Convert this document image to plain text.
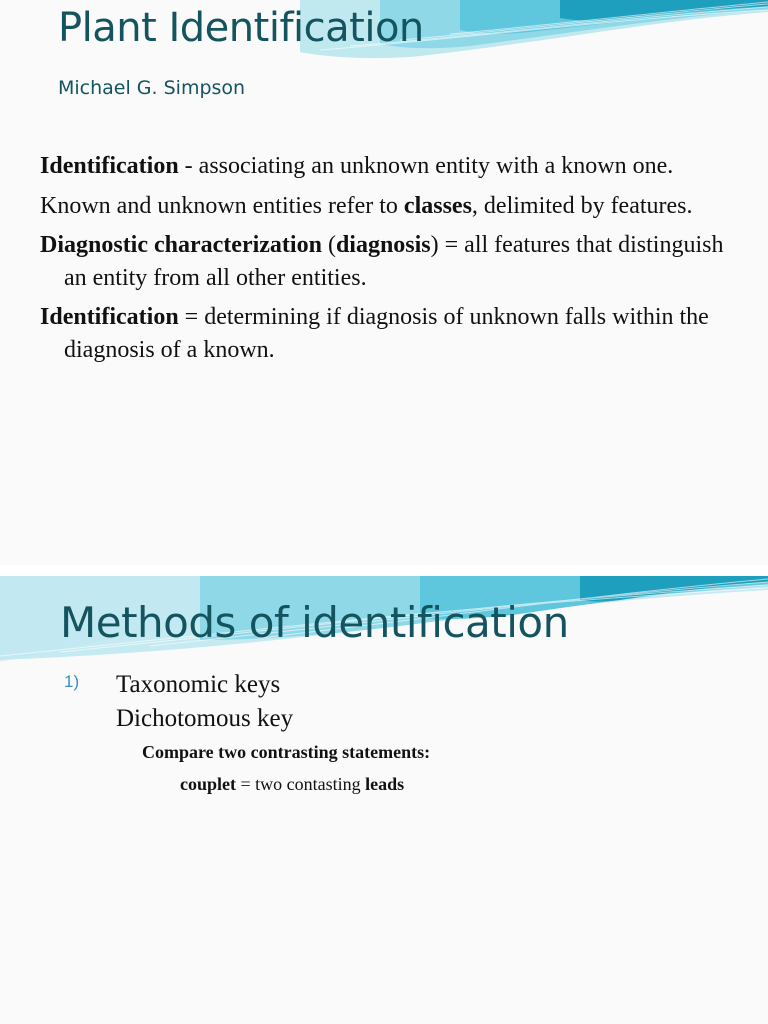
Plant Identification

Michael G. Simpson

Identification - associating an unknown entity with a known one.

Known and unknown entities refer to classes, delimited by features.

Diagnostic characterization (diagnosis) = all features that distinguish an entity from all other entities.

Identification = determining if diagnosis of unknown falls within the diagnosis of a known.

Methods of identification
1) Taxonomic keys

Dichotomous key

Compare two contrasting statements:

couplet = two contasting leads
